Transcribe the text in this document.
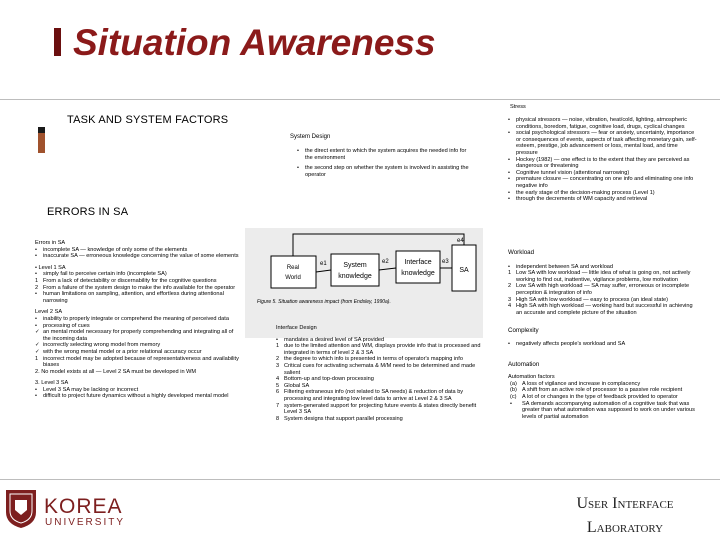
Situation Awareness
TASK AND SYSTEM FACTORS
ERRORS IN SA
System Design
• the direct extent to which the system acquires the needed info for the environment
• the second step on whether the system is involved in assisting the operator
Real
World
System
knowledge
Interface
knowledge	SA
e1	e2	e3
e4
Figure 5. Situation awareness impact (from Endsley, 1990a).
Errors in SA
• incomplete SA — knowledge of only some of the elements
• inaccurate SA — erroneous knowledge concerning the value of some elements
• Level 1 SA
• simply fail to perceive certain info (incomplete SA)
1 From a lack of detectability or discernability for the cognitive questions
2 From a failure of the system design to make the info available for the operator
• human limitations on sampling, attention, and effortless during attentional narrowing
Level 2 SA
• inability to properly integrate or comprehend the meaning of perceived data
• processing of cues
✓ an mental model necessary for properly comprehending and integrating all of the incoming data
✓ incorrectly selecting wrong model from memory
✓ with the wrong mental model or a prior relational accuracy occur
1 incorrect model may be adopted because of representativeness and availability biases
2. No model exists at all — Level 2 SA must be developed in WM
3. Level 3 SA
• Level 3 SA may be lacking or incorrect
• difficult to project future dynamics without a highly developed mental model
Interface Design
• mandates a desired level of SA provided
1 due to the limited attention and WM, displays provide info that is processed and integrated in terms of level 2 & 3 SA
2 the degree to which info is presented in terms of operator's mapping info
3 Critical cues for activating schemata & M/M need to be determined and made salient
4 Bottom-up and top-down processing
5 Global SA
6 Filtering extraneous info (not related to SA needs) & reduction of data by processing and integrating low level data to arrive at Level 2 & 3 SA
7 system-generated support for projecting future events & states directly benefit Level 3 SA
8 System designs that support parallel processing
Stress
• physical stressors — noise, vibration, heat/cold, lighting, atmospheric conditions, boredom, fatigue, cognitive load, drugs, cyclical changes
• social psychological stressors — fear or anxiety, uncertainty, importance or consequences of events, aspects of task affecting monetary gain, self-esteem, prestige, job advancement or loss, mental load, and time pressure
• Hockey (1982) — one effect is to the extent that they are perceived as dangerous or threatening
• Cognitive tunnel vision (attentional narrowing)
• premature closure — concentrating on one info and eliminating one info negative info
• the early stage of the decision-making process (Level 1)
• through the decrements of WM capacity and retrieval
Workload
• independent between SA and workload
1 Low SA with low workload — little idea of what is going on, not actively working to find out, inattentive, vigilance problems, low motivation
2 Low SA with high workload — SA may suffer, erroneous or incomplete perception & integration of info
3 High SA with low workload — easy to process (an ideal state)
4 High SA with high workload — working hard but successful in achieving an accurate and complete picture of the situation
Complexity
• negatively affects people's workload and SA
Automation
Automation factors
(a) A loss of vigilance and increase in complacency
(b) A shift from an active role of processor to a passive role recipient
(c) A lot of or changes in the type of feedback provided to operator
• SA demands accompanying automation of a cognitive task that was greater than what automation was supposed to work on under various levels of partial automation
KOREA
UNIVERSITY
User Interface
Laboratory
